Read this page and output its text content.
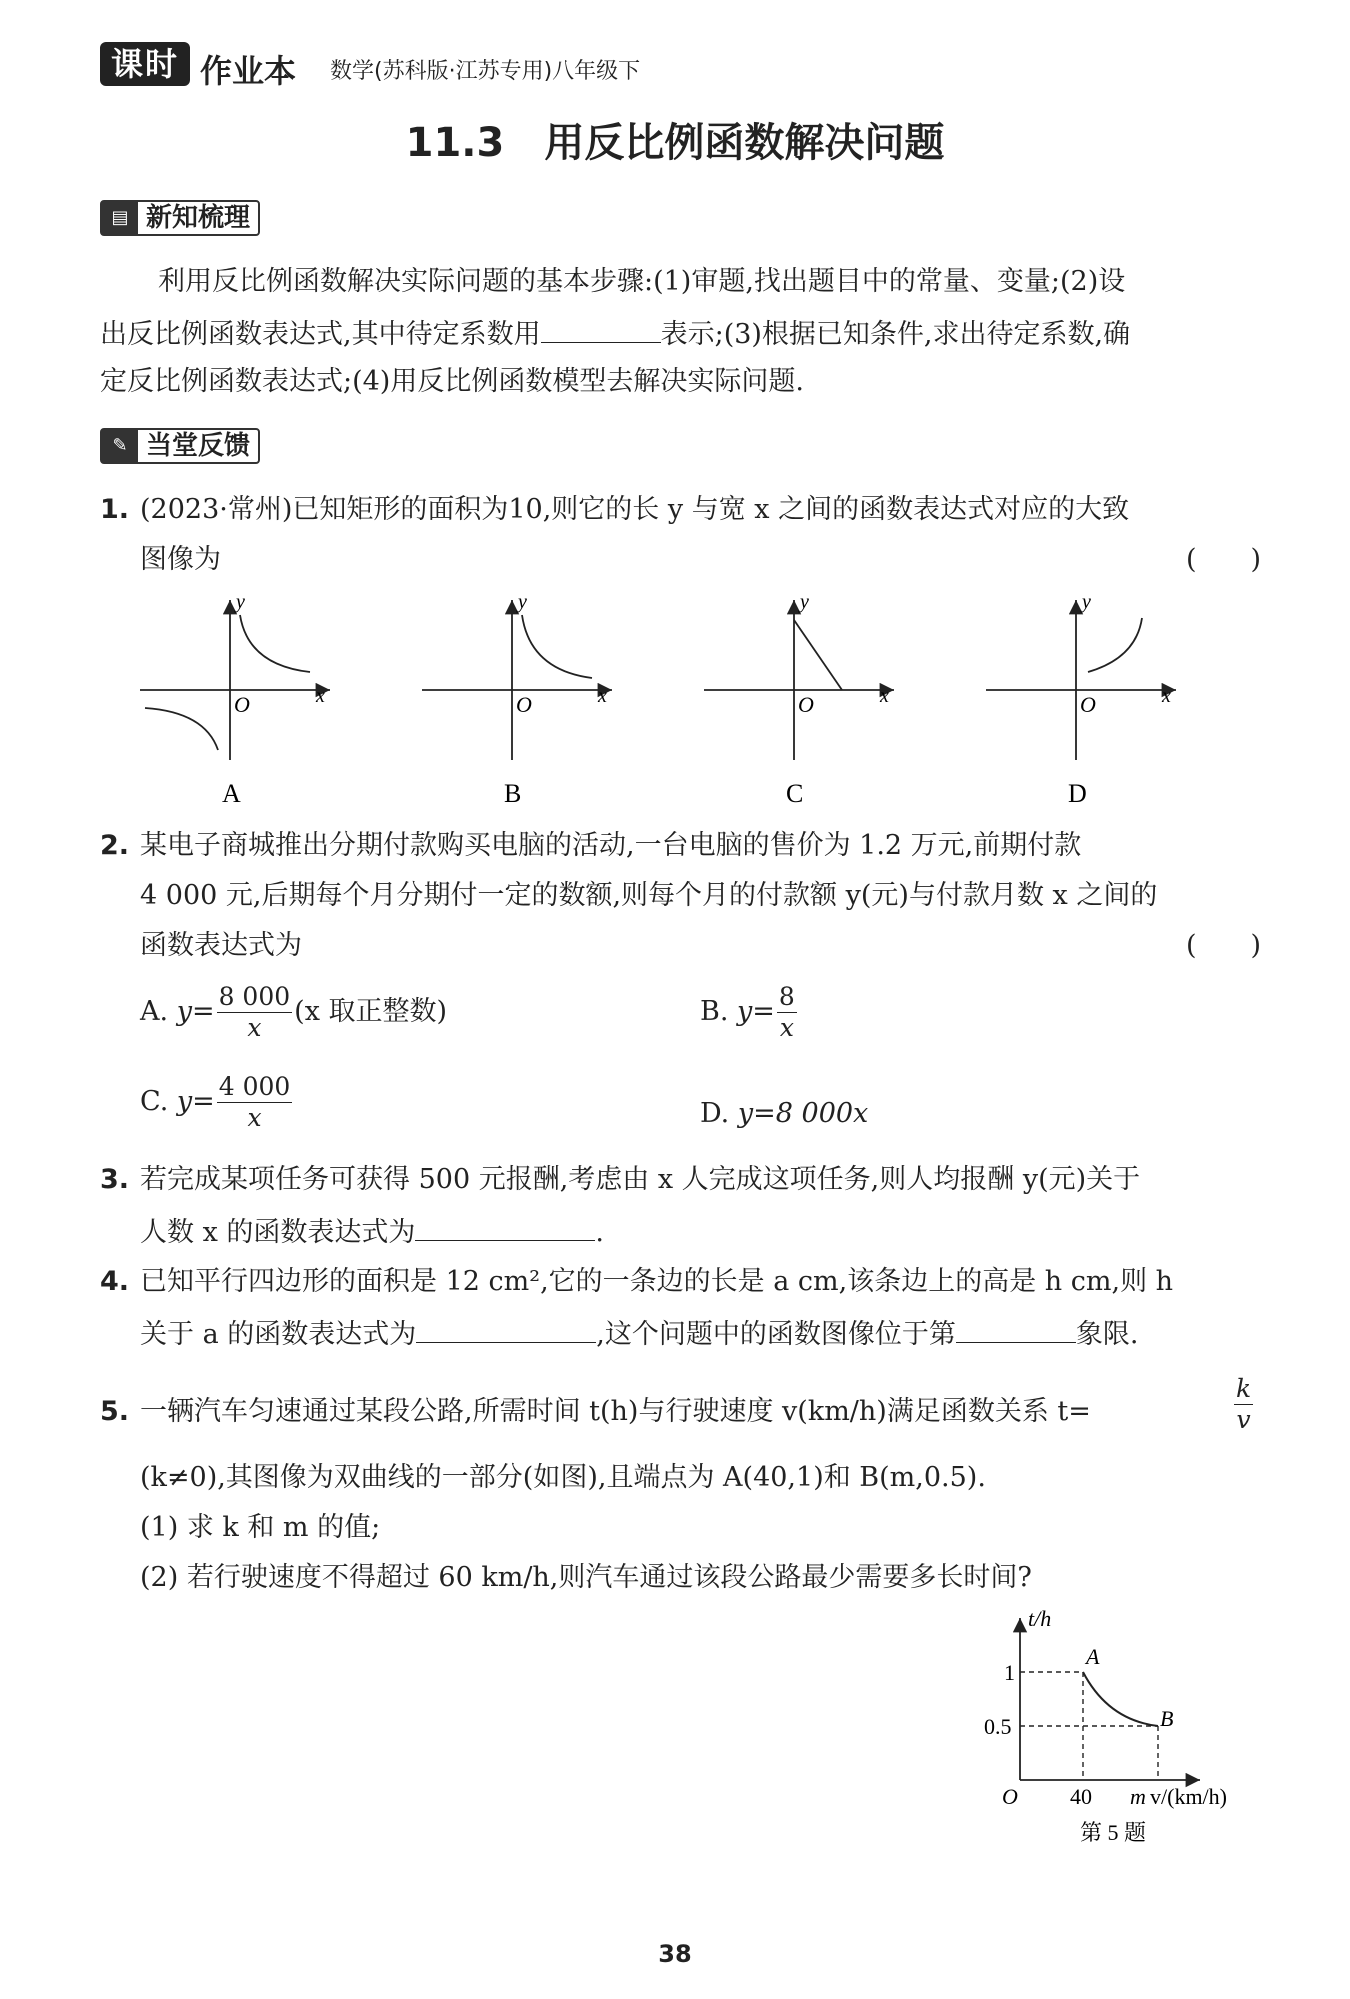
课时 作业本 数学(苏科版·江苏专用)八年级下
11.3　用反比例函数解决问题
▤ 新知梳理
利用反比例函数解决实际问题的基本步骤:(1)审题,找出题目中的常量、变量;(2)设
出反比例函数表达式,其中待定系数用	表示;(3)根据已知条件,求出待定系数,确
定反比例函数表达式;(4)用反比例函数模型去解决实际问题.
✎ 当堂反馈
1. (2023·常州)已知矩形的面积为10,则它的长 y 与宽 x 之间的函数表达式对应的大致
图像为	(　　)
y
x
O
A
y
x
O
B
y
x
O
C
y
x
O
D
2. 某电子商城推出分期付款购买电脑的活动,一台电脑的售价为 1.2 万元,前期付款
4 000 元,后期每个月分期付一定的数额,则每个月的付款额 y(元)与付款月数 x 之间的
函数表达式为	(　　)
A. $y= \frac{8 000}{x} (x$ 取正整数)	B. $y= \frac{8}{x}$
C. $y= \frac{4 000}{x}$	D. y=8 000x
3. 若完成某项任务可获得 500 元报酬,考虑由 x 人完成这项任务,则人均报酬 y(元)关于
人数 x 的函数表达式为	.
4. 已知平行四边形的面积是 12 cm²,它的一条边的长是 a cm,该条边上的高是 h cm,则 h
关于 a 的函数表达式为	,这个问题中的函数图像位于第	象限.
5. 一辆汽车匀速通过某段公路,所需时间 t(h)与行驶速度 v(km/h)满足函数关系 t=	$\frac{k}{v}$
(k≠0),其图像为双曲线的一部分(如图),且端点为 A(40,1)和 B(m,0.5).
(1) 求 k 和 m 的值;
(2) 若行驶速度不得超过 60 km/h,则汽车通过该段公路最少需要多长时间?
t/h
1
0.5
O 40 m v/(km/h)
A
B
第 5 题
38
